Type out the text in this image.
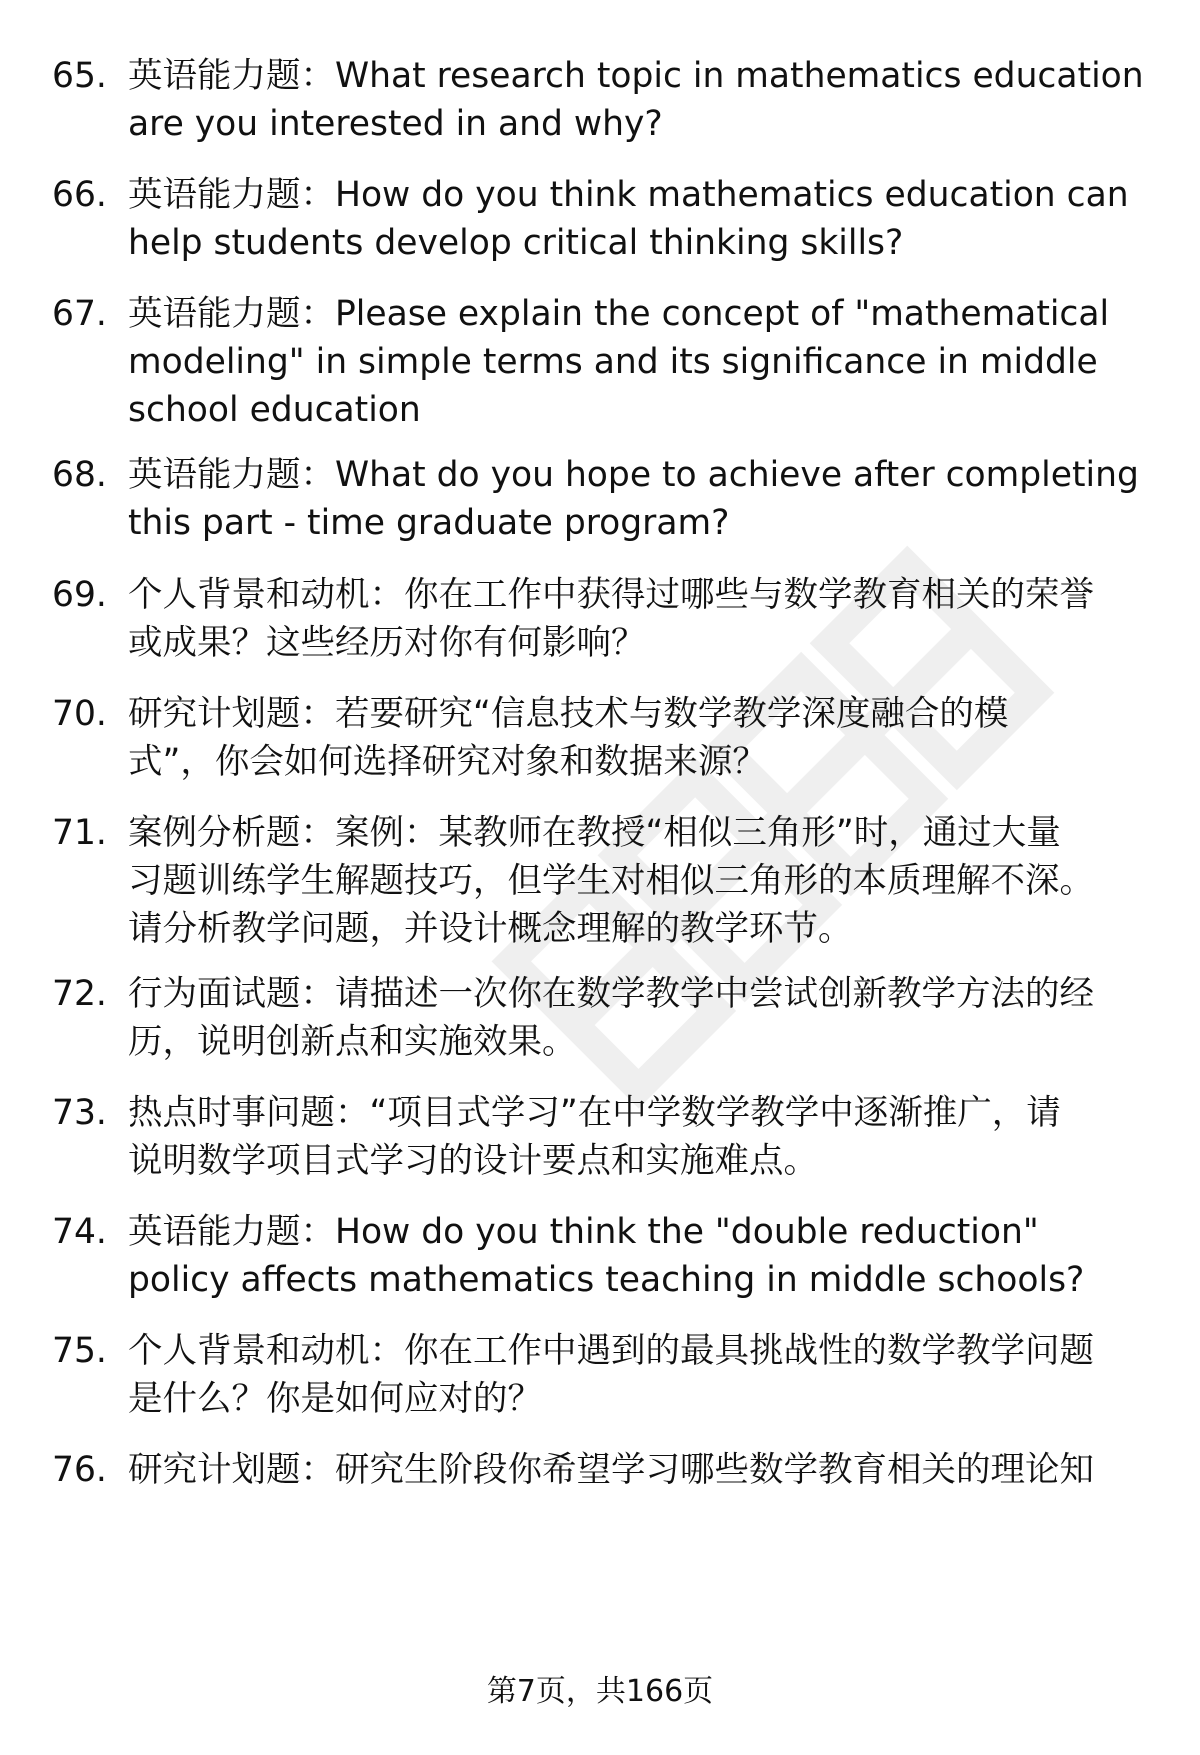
65. 英语能力题：What research topic in mathematics education
are you interested in and why?
66. 英语能力题：How do you think mathematics education can
help students develop critical thinking skills?
67. 英语能力题：Please explain the concept of "mathematical
modeling" in simple terms and its significance in middle
school education
68. 英语能力题：What do you hope to achieve after completing
this part - time graduate program?
69. 个人背景和动机：你在工作中获得过哪些与数学教育相关的荣誉
或成果？这些经历对你有何影响？
70. 研究计划题：若要研究“信息技术与数学教学深度融合的模
式”，你会如何选择研究对象和数据来源？
71. 案例分析题：案例：某教师在教授“相似三角形”时，通过大量
习题训练学生解题技巧，但学生对相似三角形的本质理解不深。
请分析教学问题，并设计概念理解的教学环节。
72. 行为面试题：请描述一次你在数学教学中尝试创新教学方法的经
历，说明创新点和实施效果。
73. 热点时事问题：“项目式学习”在中学数学教学中逐渐推广，请
说明数学项目式学习的设计要点和实施难点。
74. 英语能力题：How do you think the "double reduction"
policy affects mathematics teaching in middle schools?
75. 个人背景和动机：你在工作中遇到的最具挑战性的数学教学问题
是什么？你是如何应对的？
76. 研究计划题：研究生阶段你希望学习哪些数学教育相关的理论知
第7页，共166页
